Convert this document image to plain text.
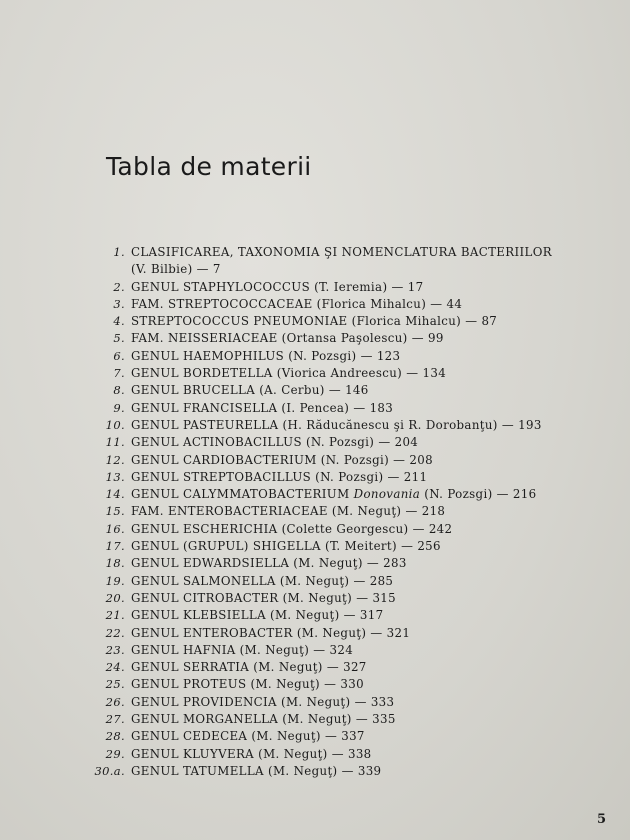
Tabla de materii
1. CLASIFICAREA, TAXONOMIA ŞI NOMENCLATURA BACTERIILOR
(V. Bilbie) — 7
2. GENUL STAPHYLOCOCCUS (T. Ieremia) — 17
3. FAM. STREPTOCOCCACEAE (Florica Mihalcu) — 44
4. STREPTOCOCCUS PNEUMONIAE (Florica Mihalcu) — 87
5. FAM. NEISSERIACEAE (Ortansa Paşolescu) — 99
6. GENUL HAEMOPHILUS (N. Pozsgi) — 123
7. GENUL BORDETELLA (Viorica Andreescu) — 134
8. GENUL BRUCELLA (A. Cerbu) — 146
9. GENUL FRANCISELLA (I. Pencea) — 183
10. GENUL PASTEURELLA (H. Răducănescu şi R. Dorobanţu) — 193
11. GENUL ACTINOBACILLUS (N. Pozsgi) — 204
12. GENUL CARDIOBACTERIUM (N. Pozsgi) — 208
13. GENUL STREPTOBACILLUS (N. Pozsgi) — 211
14. GENUL CALYMMATOBACTERIUM Donovania (N. Pozsgi) — 216
15. FAM. ENTEROBACTERIACEAE (M. Neguţ) — 218
16. GENUL ESCHERICHIA (Colette Georgescu) — 242
17. GENUL (GRUPUL) SHIGELLA (T. Meitert) — 256
18. GENUL EDWARDSIELLA (M. Neguţ) — 283
19. GENUL SALMONELLA (M. Neguţ) — 285
20. GENUL CITROBACTER (M. Neguţ) — 315
21. GENUL KLEBSIELLA (M. Neguţ) — 317
22. GENUL ENTEROBACTER (M. Neguţ) — 321
23. GENUL HAFNIA (M. Neguţ) — 324
24. GENUL SERRATIA (M. Neguţ) — 327
25. GENUL PROTEUS (M. Neguţ) — 330
26. GENUL PROVIDENCIA (M. Neguţ) — 333
27. GENUL MORGANELLA (M. Neguţ) — 335
28. GENUL CEDECEA (M. Neguţ) — 337
29. GENUL KLUYVERA (M. Neguţ) — 338
30.a. GENUL TATUMELLA (M. Neguţ) — 339
5
